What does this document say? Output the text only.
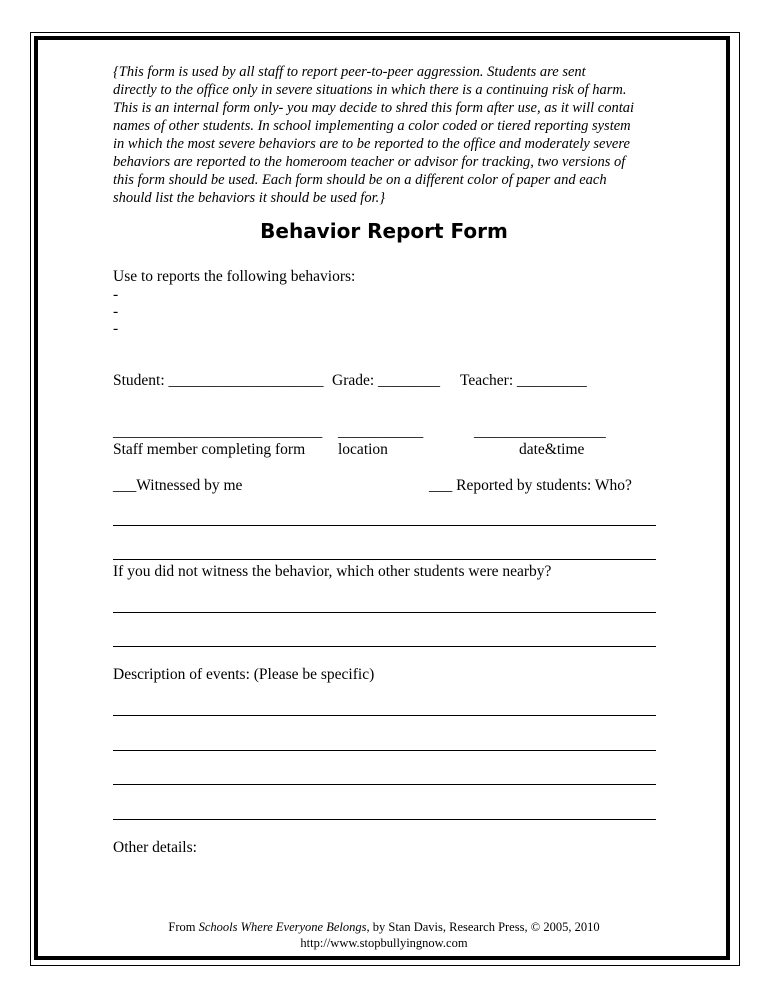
{This form is used by all staff to report peer-to-peer aggression. Students are sent
directly to the office only in severe situations in which there is a continuing risk of harm.
This is an internal form only- you may decide to shred this form after use, as it will contai
names of other students. In school implementing a color coded or tiered reporting system
in which the most severe behaviors are to be reported to the office and moderately severe
behaviors are reported to the homeroom teacher or advisor for tracking, two versions of
this form should be used. Each form should be on a different color of paper and each
should list the behaviors it should be used for.}
Behavior Report Form
Use to reports the following behaviors:
-
-
-
Student: ____________________ Grade: ________ Teacher: _________
___________________________ ___________	_________________
Staff member completing form location	date&time
___Witnessed by me	___ Reported by students: Who?
If you did not witness the behavior, which other students were nearby?
Description of events: (Please be specific)
Other details:
From Schools Where Everyone Belongs, by Stan Davis, Research Press, © 2005, 2010
http://www.stopbullyingnow.com
